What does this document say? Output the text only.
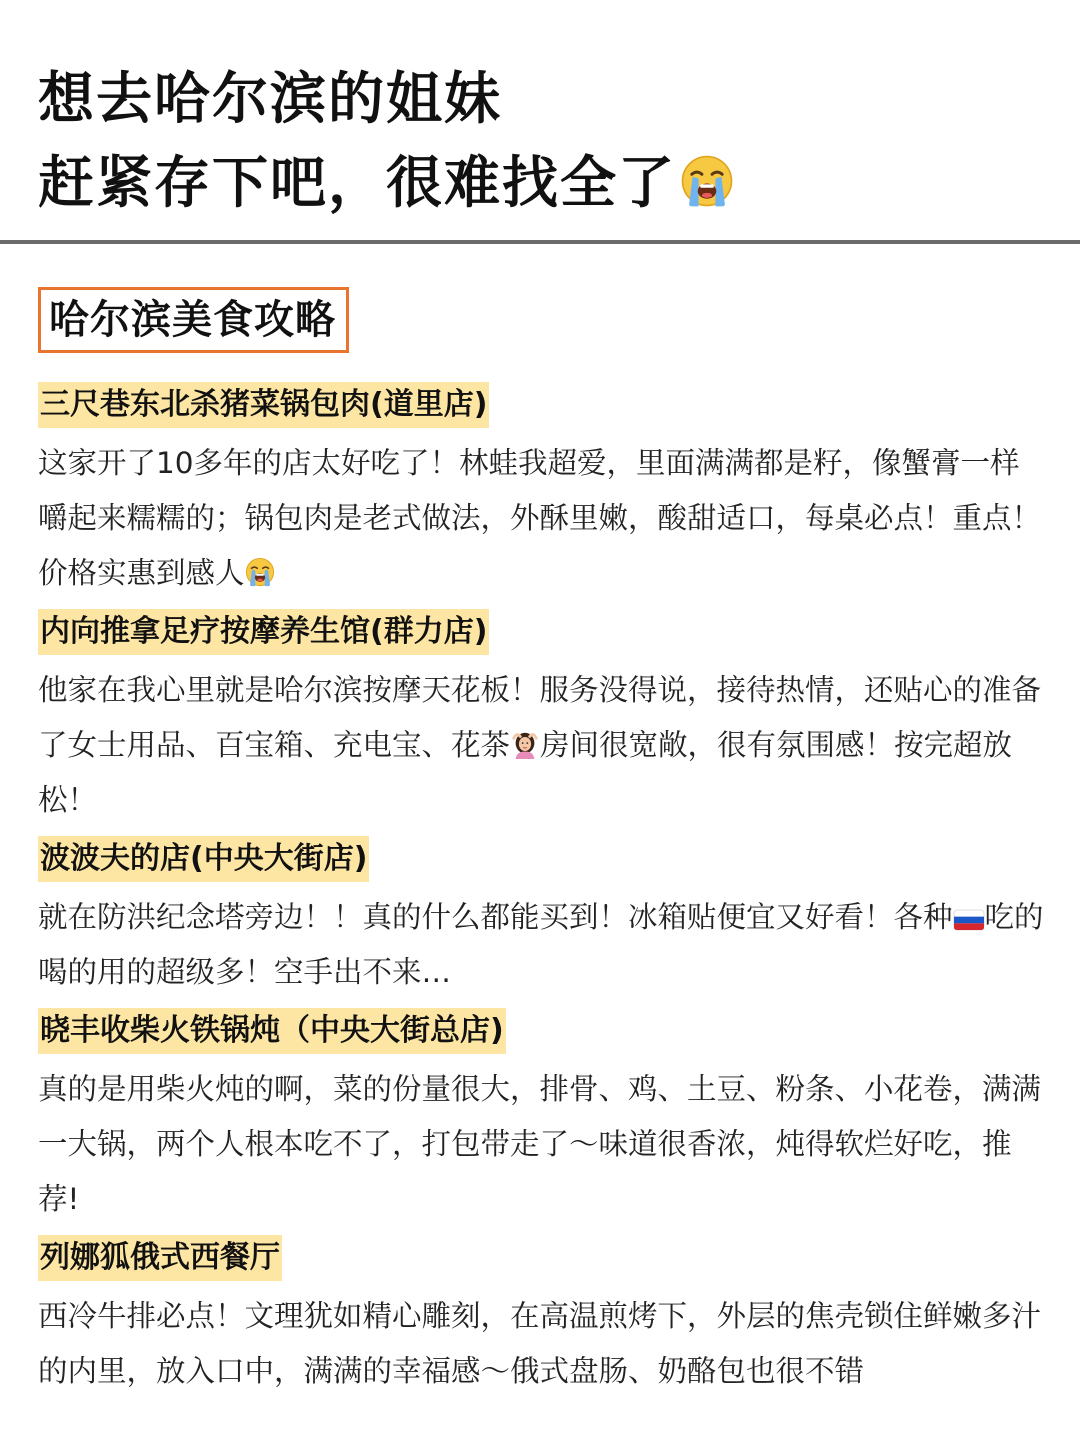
想去哈尔滨的姐妹
赶紧存下吧，很难找全了
哈尔滨美食攻略
三尺巷东北杀猪菜锅包肉(道里店)
这家开了10多年的店太好吃了！林蛙我超爱，里面满满都是籽，像蟹膏一样嚼起来糯糯的；锅包肉是老式做法，外酥里嫩，酸甜适口，每桌必点！重点！价格实惠到感人
内向推拿足疗按摩养生馆(群力店)
他家在我心里就是哈尔滨按摩天花板！服务没得说，接待热情，还贴心的准备了女士用品、百宝箱、充电宝、花茶 房间很宽敞，很有氛围感！按完超放松！
波波夫的店(中央大街店)
就在防洪纪念塔旁边！！真的什么都能买到！冰箱贴便宜又好看！各种 吃的喝的用的超级多！空手出不来…
晓丰收柴火铁锅炖（中央大街总店)
真的是用柴火炖的啊，菜的份量很大，排骨、鸡、土豆、粉条、小花卷，满满一大锅，两个人根本吃不了，打包带走了～味道很香浓，炖得软烂好吃，推荐!
列娜狐俄式西餐厅
西冷牛排必点！文理犹如精心雕刻，在高温煎烤下，外层的焦壳锁住鲜嫩多汁的内里，放入口中，满满的幸福感～俄式盘肠、奶酪包也很不错
